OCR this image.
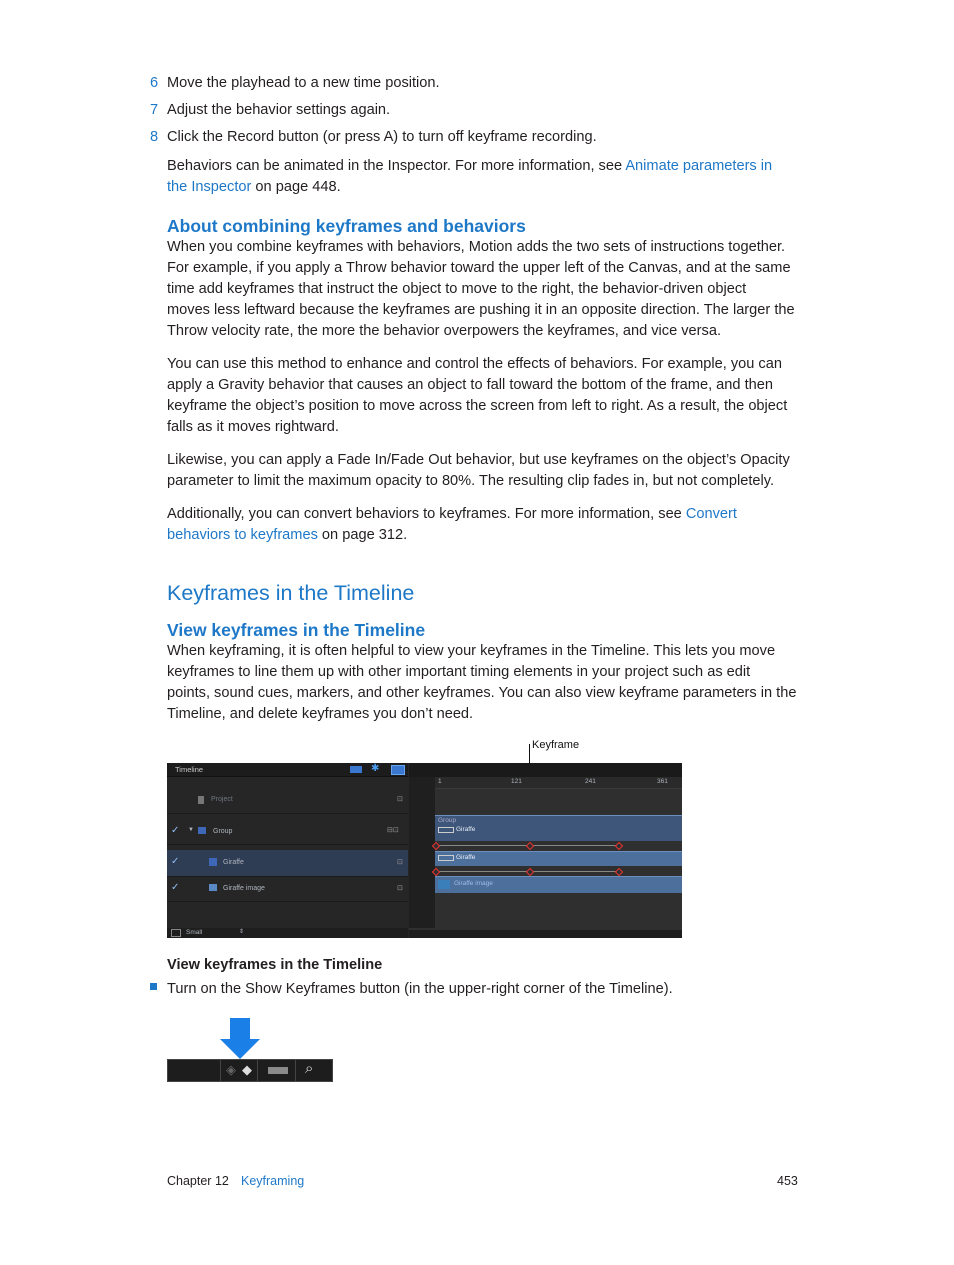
6 Move the playhead to a new time position.
7 Adjust the behavior settings again.
8 Click the Record button (or press A) to turn off keyframe recording.
Behaviors can be animated in the Inspector. For more information, see Animate parameters in
the Inspector on page 448.
About combining keyframes and behaviors
When you combine keyframes with behaviors, Motion adds the two sets of instructions together.
For example, if you apply a Throw behavior toward the upper left of the Canvas, and at the same
time add keyframes that instruct the object to move to the right, the behavior-driven object
moves less leftward because the keyframes are pushing it in an opposite direction. The larger the
Throw velocity rate, the more the behavior overpowers the keyframes, and vice versa.
You can use this method to enhance and control the effects of behaviors. For example, you can
apply a Gravity behavior that causes an object to fall toward the bottom of the frame, and then
keyframe the object’s position to move across the screen from left to right. As a result, the object
falls as it moves rightward.
Likewise, you can apply a Fade In/Fade Out behavior, but use keyframes on the object’s Opacity
parameter to limit the maximum opacity to 80%. The resulting clip fades in, but not completely.
Additionally, you can convert behaviors to keyframes. For more information, see Convert
behaviors to keyframes on page 312.
Keyframes in the Timeline
View keyframes in the Timeline
When keyframing, it is often helpful to view your keyframes in the Timeline. This lets you move
keyframes to line them up with other important timing elements in your project such as edit
points, sound cues, markers, and other keyframes. You can also view keyframe parameters in the
Timeline, and delete keyframes you don’t need.
Keyframe
Timeline	✱
Project	⊡
✓ ▼	Group	⊟⊡
✓	Giraffe	⊡
✓	Giraffe image	⊡
Small	⇕
1	121	241	361
Group
Giraffe
Giraffe
Giraffe image
View keyframes in the Timeline
Turn on the Show Keyframes button (in the upper-right corner of the Timeline).
◈ ◆	⌕
Chapter 12 Keyframing	453
